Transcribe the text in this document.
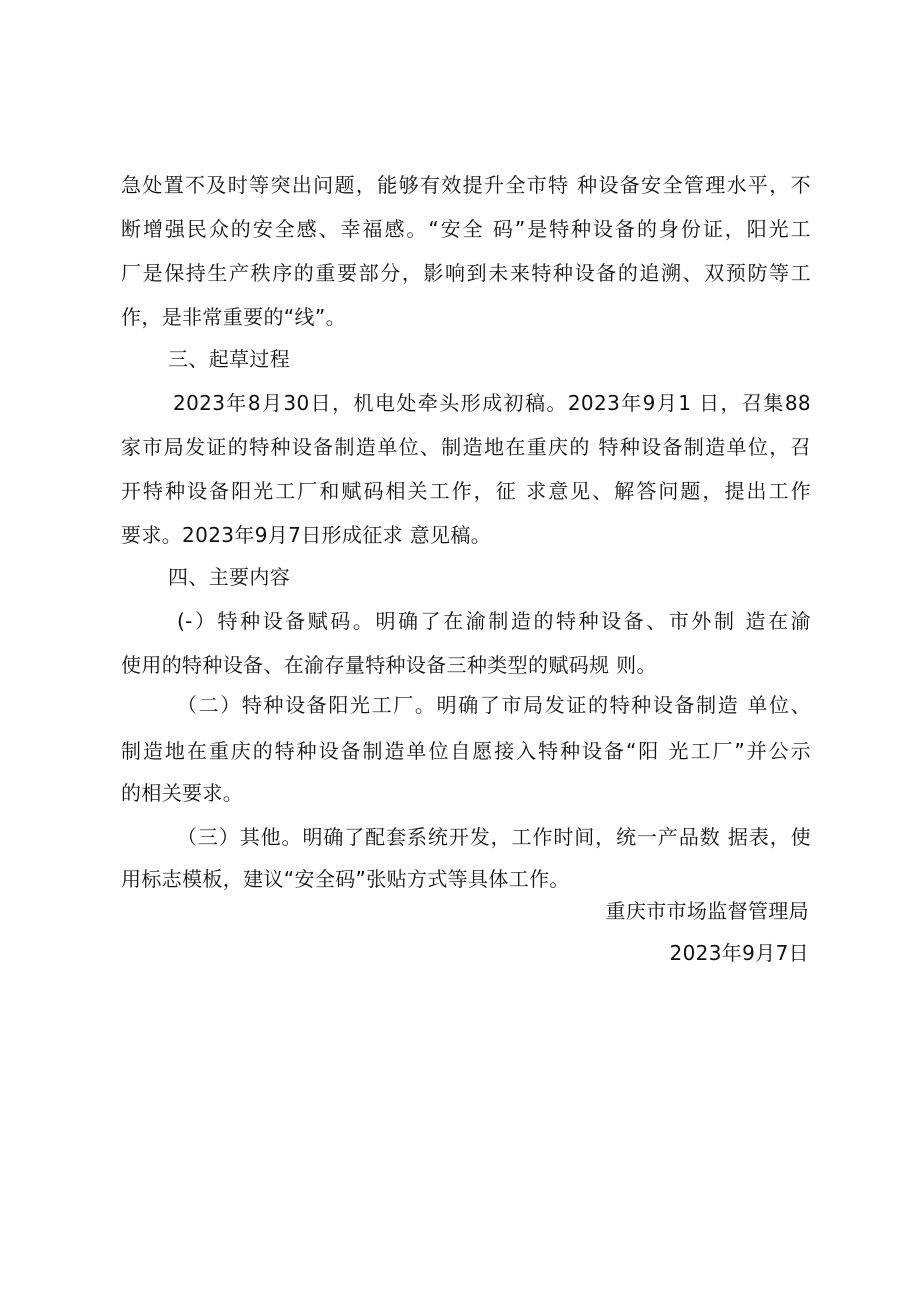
急处置不及时等突出问题，能够有效提升全市特 种设备安全管理水平，不
断增强民众的安全感、幸福感。“安全 码”是特种设备的身份证，阳光工
厂是保持生产秩序的重要部分，影响到未来特种设备的追溯、双预防等工
作，是非常重要的“线”。
三、起草过程
2023年8月30日，机电处牵头形成初稿。2023年9月1 日，召集88
家市局发证的特种设备制造单位、制造地在重庆的 特种设备制造单位，召
开特种设备阳光工厂和赋码相关工作，征 求意见、解答问题，提出工作
要求。2023年9月7日形成征求 意见稿。
四、主要内容
(-）特种设备赋码。明确了在渝制造的特种设备、市外制 造在渝
使用的特种设备、在渝存量特种设备三种类型的赋码规 则。
（二）特种设备阳光工厂。明确了市局发证的特种设备制造 单位、
制造地在重庆的特种设备制造单位自愿接入特种设备“阳 光工厂”并公示
的相关要求。
（三）其他。明确了配套系统开发，工作时间，统一产品数 据表，使
用标志模板，建议“安全码”张贴方式等具体工作。
重庆市市场监督管理局
2023年9月7日
